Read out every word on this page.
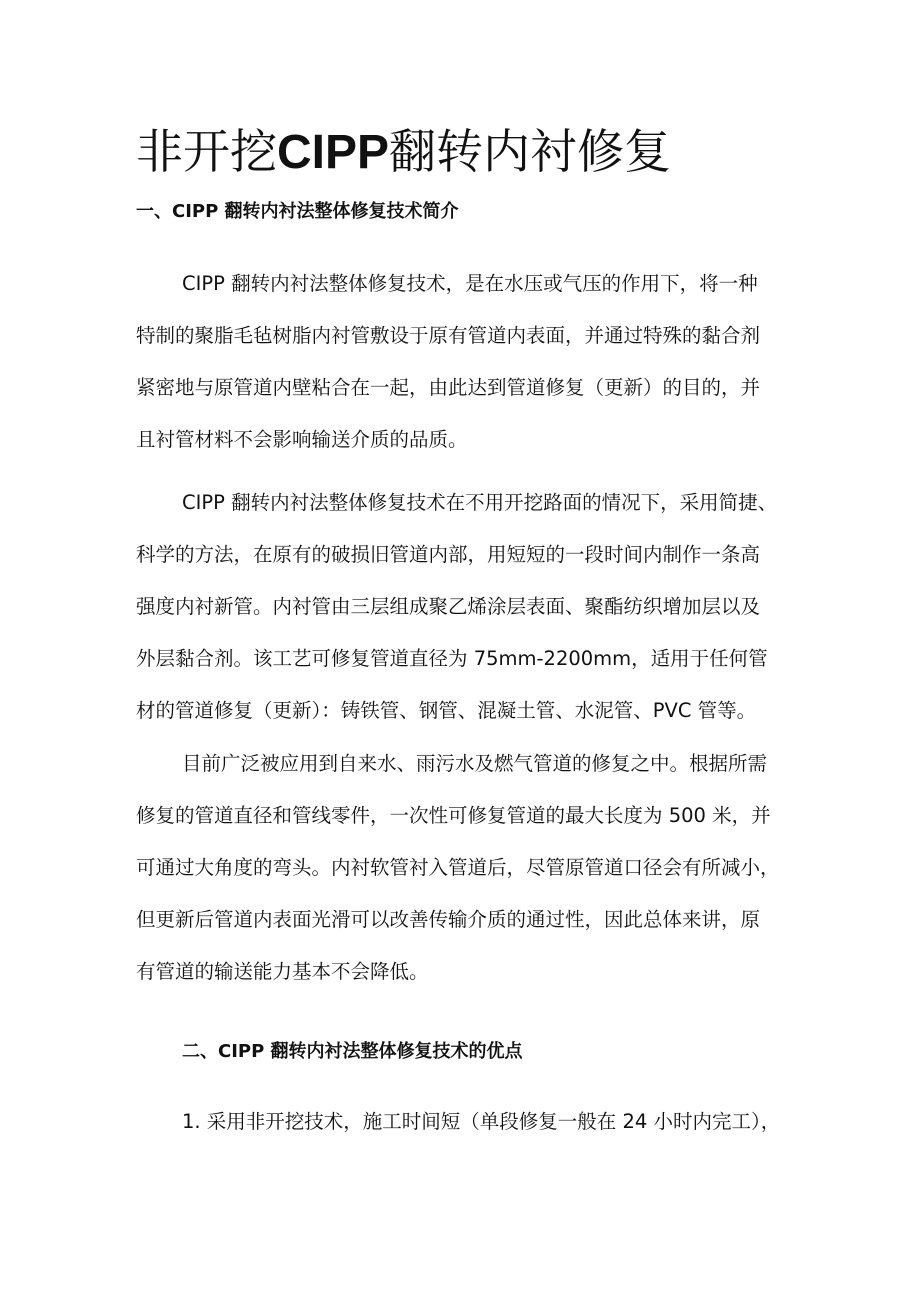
非开挖CIPP翻转内衬修复
一、CIPP 翻转内衬法整体修复技术简介
CIPP 翻转内衬法整体修复技术，是在水压或气压的作用下，将一种
特制的聚脂毛毡树脂内衬管敷设于原有管道内表面，并通过特殊的黏合剂
紧密地与原管道内壁粘合在一起，由此达到管道修复（更新）的目的，并
且衬管材料不会影响输送介质的品质。
CIPP 翻转内衬法整体修复技术在不用开挖路面的情况下，采用简捷、
科学的方法，在原有的破损旧管道内部，用短短的一段时间内制作一条高
强度内衬新管。内衬管由三层组成聚乙烯涂层表面、聚酯纺织增加层以及
外层黏合剂。该工艺可修复管道直径为 75mm-2200mm，适用于任何管
材的管道修复（更新）：铸铁管、钢管、混凝土管、水泥管、PVC 管等。
目前广泛被应用到自来水、雨污水及燃气管道的修复之中。根据所需
修复的管道直径和管线零件，一次性可修复管道的最大长度为 500 米，并
可通过大角度的弯头。内衬软管衬入管道后，尽管原管道口径会有所减小，
但更新后管道内表面光滑可以改善传输介质的通过性，因此总体来讲，原
有管道的输送能力基本不会降低。
二、CIPP 翻转内衬法整体修复技术的优点

1. 采用非开挖技术，施工时间短（单段修复一般在 24 小时内完工），
